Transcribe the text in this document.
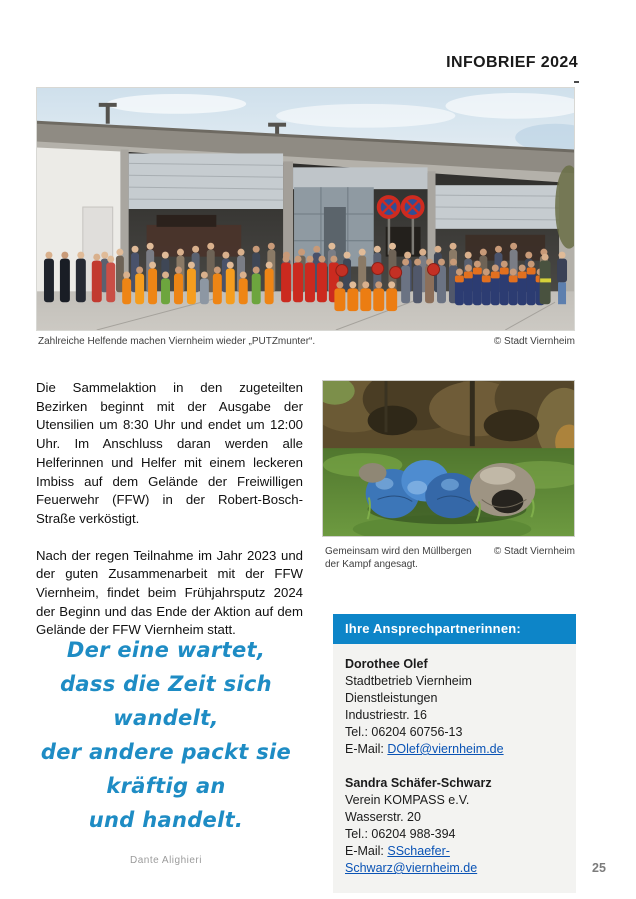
INFOBRIEF 2024
Zahlreiche Helfende machen Viernheim wieder „PUTZmunter“.	© Stadt Viernheim

Die Sammelaktion in den zugeteilten Bezirken beginnt mit der Ausgabe der Utensilien um 8:30 Uhr und endet um 12:00 Uhr. Im Anschluss daran werden alle Helferinnen und Helfer mit einem leckeren Imbiss auf dem Gelände der Freiwilligen Feuerwehr (FFW) in der Robert-Bosch-Straße verköstigt.

Nach der regen Teilnahme im Jahr 2023 und der guten Zusammenarbeit mit der FFW Viernheim, findet beim Frühjahrsputz 2024 der Beginn und das Ende der Aktion auf dem Gelände der FFW Viernheim statt.

Gemeinsam wird den Müllbergen der Kampf angesagt.
© Stadt Viernheim
Der eine wartet,
dass die Zeit sich wandelt,
der andere packt sie kräftig an
und handelt.
Dante Alighieri
Ihre Ansprechpartnerinnen:
Dorothee Olef
Stadtbetrieb Viernheim Dienstleistungen
Industriestr. 16
Tel.: 06204 60756-13
E-Mail: DOlef@viernheim.de
Sandra Schäfer-Schwarz
Verein KOMPASS e.V.
Wasserstr. 20
Tel.: 06204 988-394
E-Mail: SSchaefer-Schwarz@viernheim.de	25
